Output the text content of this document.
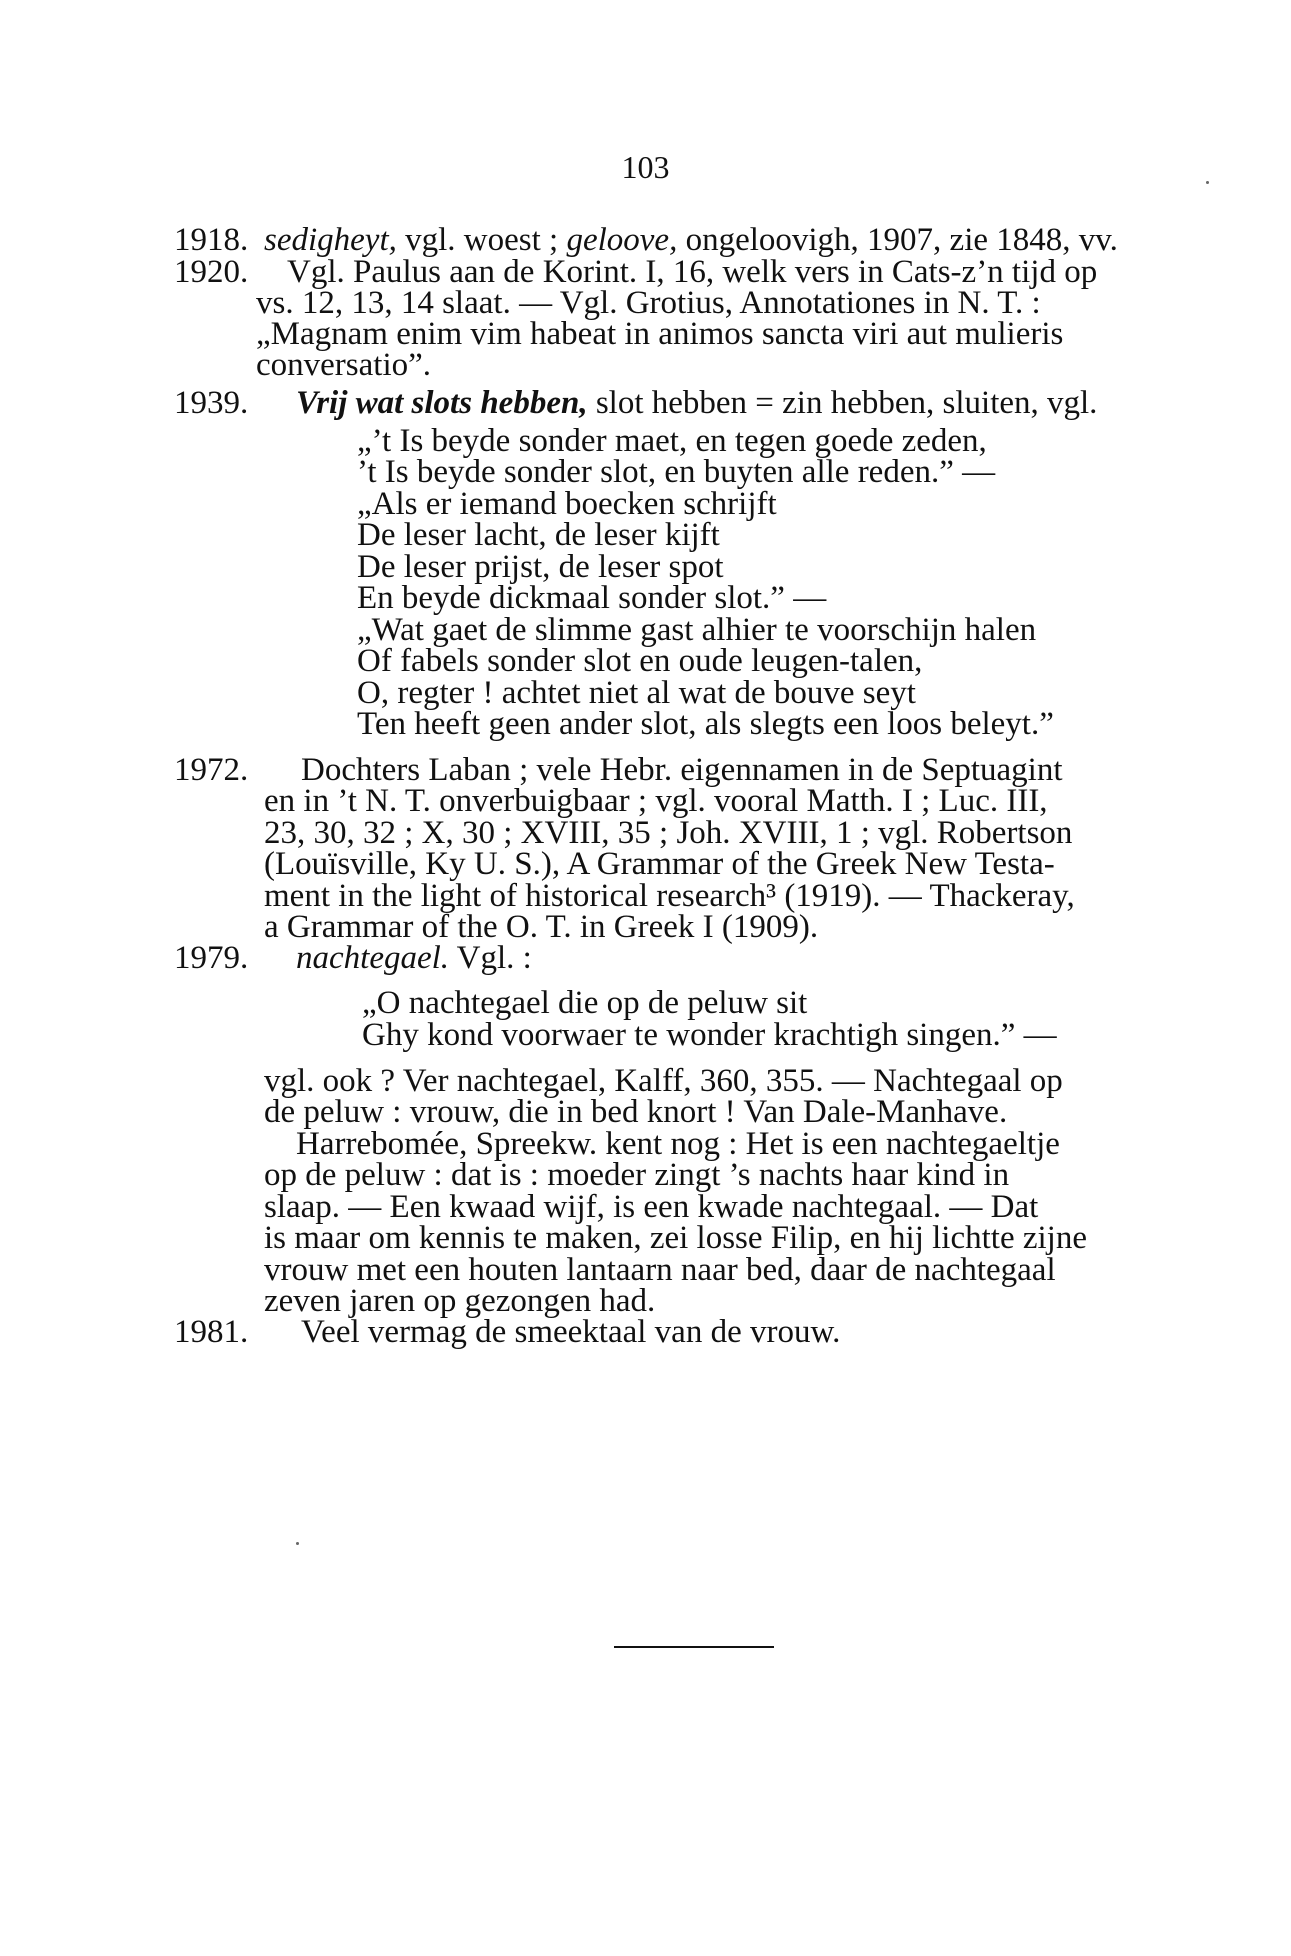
103
1918. sedigheyt, vgl. woest ; geloove, ongeloovigh, 1907, zie 1848, vv.
1920. Vgl. Paulus aan de Korint. I, 16, welk vers in Cats-z’n tijd op
vs. 12, 13, 14 slaat. — Vgl. Grotius, Annotationes in N. T. :
„Magnam enim vim habeat in animos sancta viri aut mulieris
conversatio”.
1939. Vrij wat slots hebben, slot hebben = zin hebben, sluiten, vgl.
„’t Is beyde sonder maet, en tegen goede zeden,
’t Is beyde sonder slot, en buyten alle reden.” —
„Als er iemand boecken schrijft
De leser lacht, de leser kijft
De leser prijst, de leser spot
En beyde dickmaal sonder slot.” —
„Wat gaet de slimme gast alhier te voorschijn halen
Of fabels sonder slot en oude leugen-talen,
O, regter ! achtet niet al wat de bouve seyt
Ten heeft geen ander slot, als slegts een loos beleyt.”
1972. Dochters Laban ; vele Hebr. eigennamen in de Septuagint
en in ’t N. T. onverbuigbaar ; vgl. vooral Matth. I ; Luc. III,
23, 30, 32 ; X, 30 ; XVIII, 35 ; Joh. XVIII, 1 ; vgl. Robertson
(Louïsville, Ky U. S.), A Grammar of the Greek New Testa-
ment in the light of historical research³ (1919). — Thackeray,
a Grammar of the O. T. in Greek I (1909).
1979. nachtegael. Vgl. :
„O nachtegael die op de peluw sit
Ghy kond voorwaer te wonder krachtigh singen.” —
vgl. ook ? Ver nachtegael, Kalff, 360, 355. — Nachtegaal op
de peluw : vrouw, die in bed knort ! Van Dale-Manhave.
Harrebomée, Spreekw. kent nog : Het is een nachtegaeltje
op de peluw : dat is : moeder zingt ’s nachts haar kind in
slaap. — Een kwaad wijf, is een kwade nachtegaal. — Dat
is maar om kennis te maken, zei losse Filip, en hij lichtte zijne
vrouw met een houten lantaarn naar bed, daar de nachtegaal
zeven jaren op gezongen had.
1981. Veel vermag de smeektaal van de vrouw.
